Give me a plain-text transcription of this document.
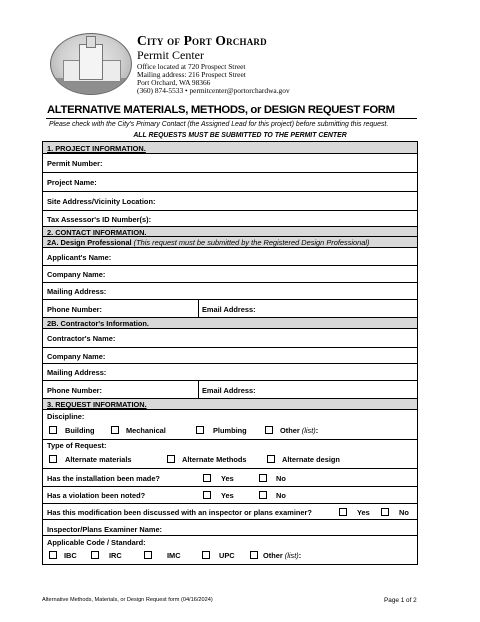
City of Port Orchard
Permit Center
Office located at 720 Prospect Street
Mailing address: 216 Prospect Street
Port Orchard, WA 98366
(360) 874-5533 • permitcenter@portorchardwa.gov
ALTERNATIVE MATERIALS, METHODS, or DESIGN REQUEST FORM
Please check with the City's Primary Contact (the Assigned Lead for this project) before submitting this request.
ALL REQUESTS MUST BE SUBMITTED TO THE PERMIT CENTER
1. PROJECT INFORMATION.
Permit Number:
Project Name:
Site Address/Vicinity Location:
Tax Assessor's ID Number(s):
2. CONTACT INFORMATION.
2A. Design Professional (This request must be submitted by the Registered Design Professional)
Applicant's Name:
Company Name:
Mailing Address:
Phone Number:	Email Address:
2B. Contractor's Information.
Contractor's Name:
Company Name:
Mailing Address:
Phone Number:	Email Address:
3. REQUEST INFORMATION.
Discipline:
Building	Mechanical	Plumbing	Other (list):
Type of Request:
Alternate materials	Alternate Methods	Alternate design
Has the installation been made?	Yes	No
Has a violation been noted?	Yes	No
Has this modification been discussed with an inspector or plans examiner?	Yes	No
Inspector/Plans Examiner Name:
Applicable Code / Standard:
IBC	IRC	IMC	UPC	Other (list):
Alternative Methods, Materials, or Design Request form (04/16/2024)	Page 1 of 2
